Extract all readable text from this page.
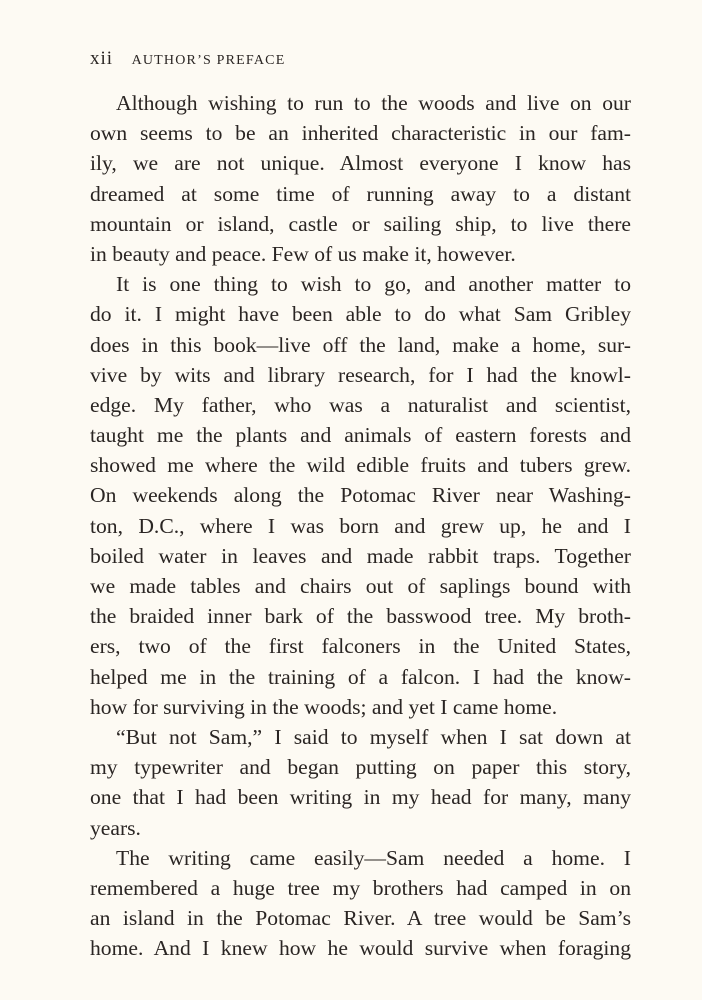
xii AUTHOR’S PREFACE
Although wishing to run to the woods and live on our
own seems to be an inherited characteristic in our fam-
ily, we are not unique. Almost everyone I know has
dreamed at some time of running away to a distant
mountain or island, castle or sailing ship, to live there
in beauty and peace. Few of us make it, however.
It is one thing to wish to go, and another matter to
do it. I might have been able to do what Sam Gribley
does in this book—live off the land, make a home, sur-
vive by wits and library research, for I had the knowl-
edge. My father, who was a naturalist and scientist,
taught me the plants and animals of eastern forests and
showed me where the wild edible fruits and tubers grew.
On weekends along the Potomac River near Washing-
ton, D.C., where I was born and grew up, he and I
boiled water in leaves and made rabbit traps. Together
we made tables and chairs out of saplings bound with
the braided inner bark of the basswood tree. My broth-
ers, two of the first falconers in the United States,
helped me in the training of a falcon. I had the know-
how for surviving in the woods; and yet I came home.
“But not Sam,” I said to myself when I sat down at
my typewriter and began putting on paper this story,
one that I had been writing in my head for many, many
years.
The writing came easily—Sam needed a home. I
remembered a huge tree my brothers had camped in on
an island in the Potomac River. A tree would be Sam’s
home. And I knew how he would survive when foraging
